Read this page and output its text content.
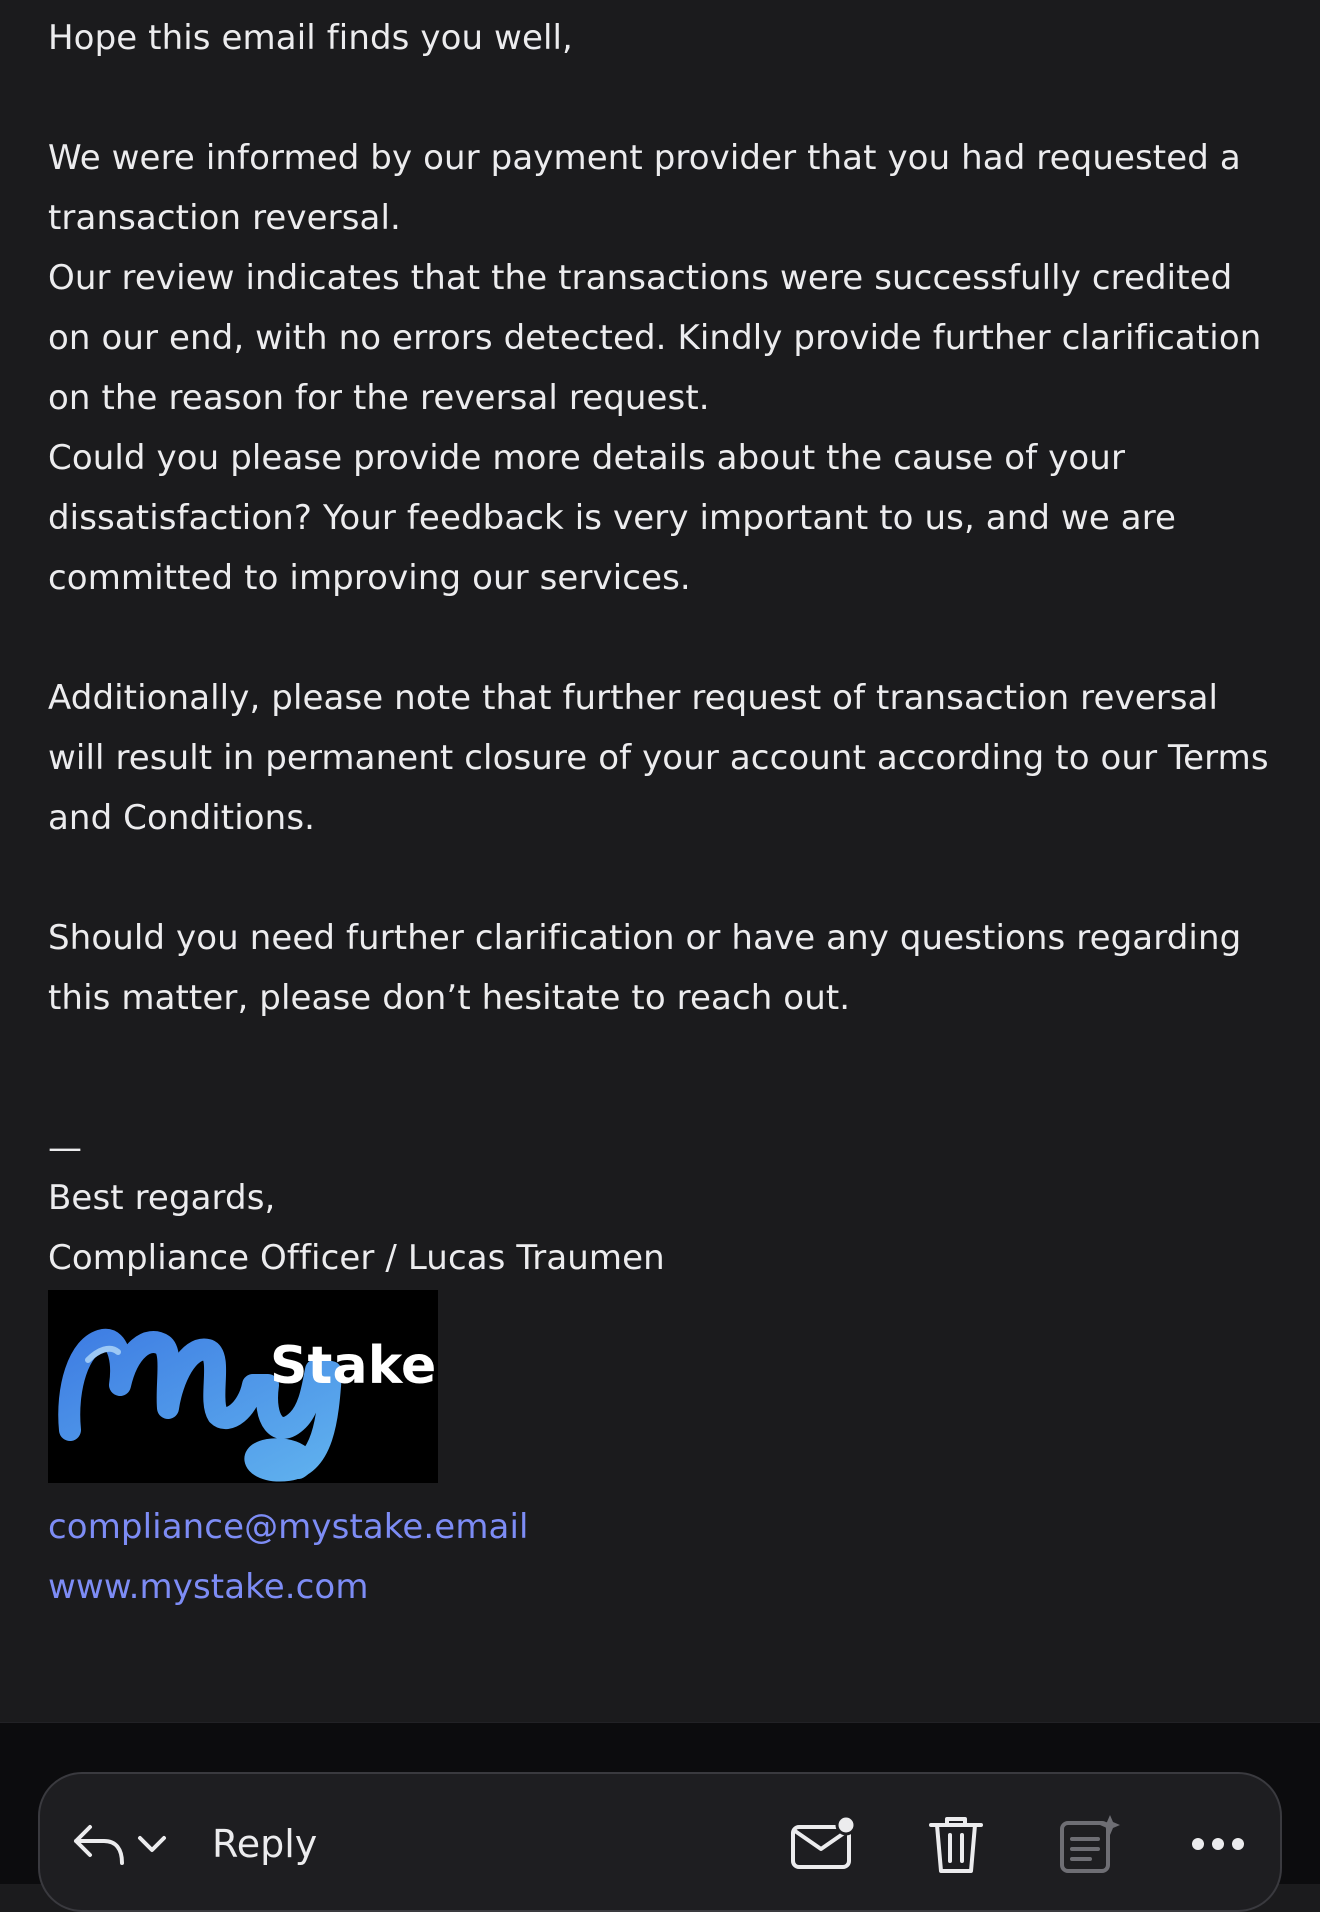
Hope this email finds you well,

We were informed by our payment provider that you had requested a transaction reversal.

Our review indicates that the transactions were successfully credited on our end, with no errors detected. Kindly provide further clarification on the reason for the reversal request.

Could you please provide more details about the cause of your dissatisfaction? Your feedback is very important to us, and we are committed to improving our services.

Additionally, please note that further request of transaction reversal will result in permanent closure of your account according to our Terms and Conditions.

Should you need further clarification or have any questions regarding this matter, please don’t hesitate to reach out.

—

Best regards,

Compliance Officer / Lucas Traumen

Stake
compliance@mystake.email
www.mystake.com
Reply
